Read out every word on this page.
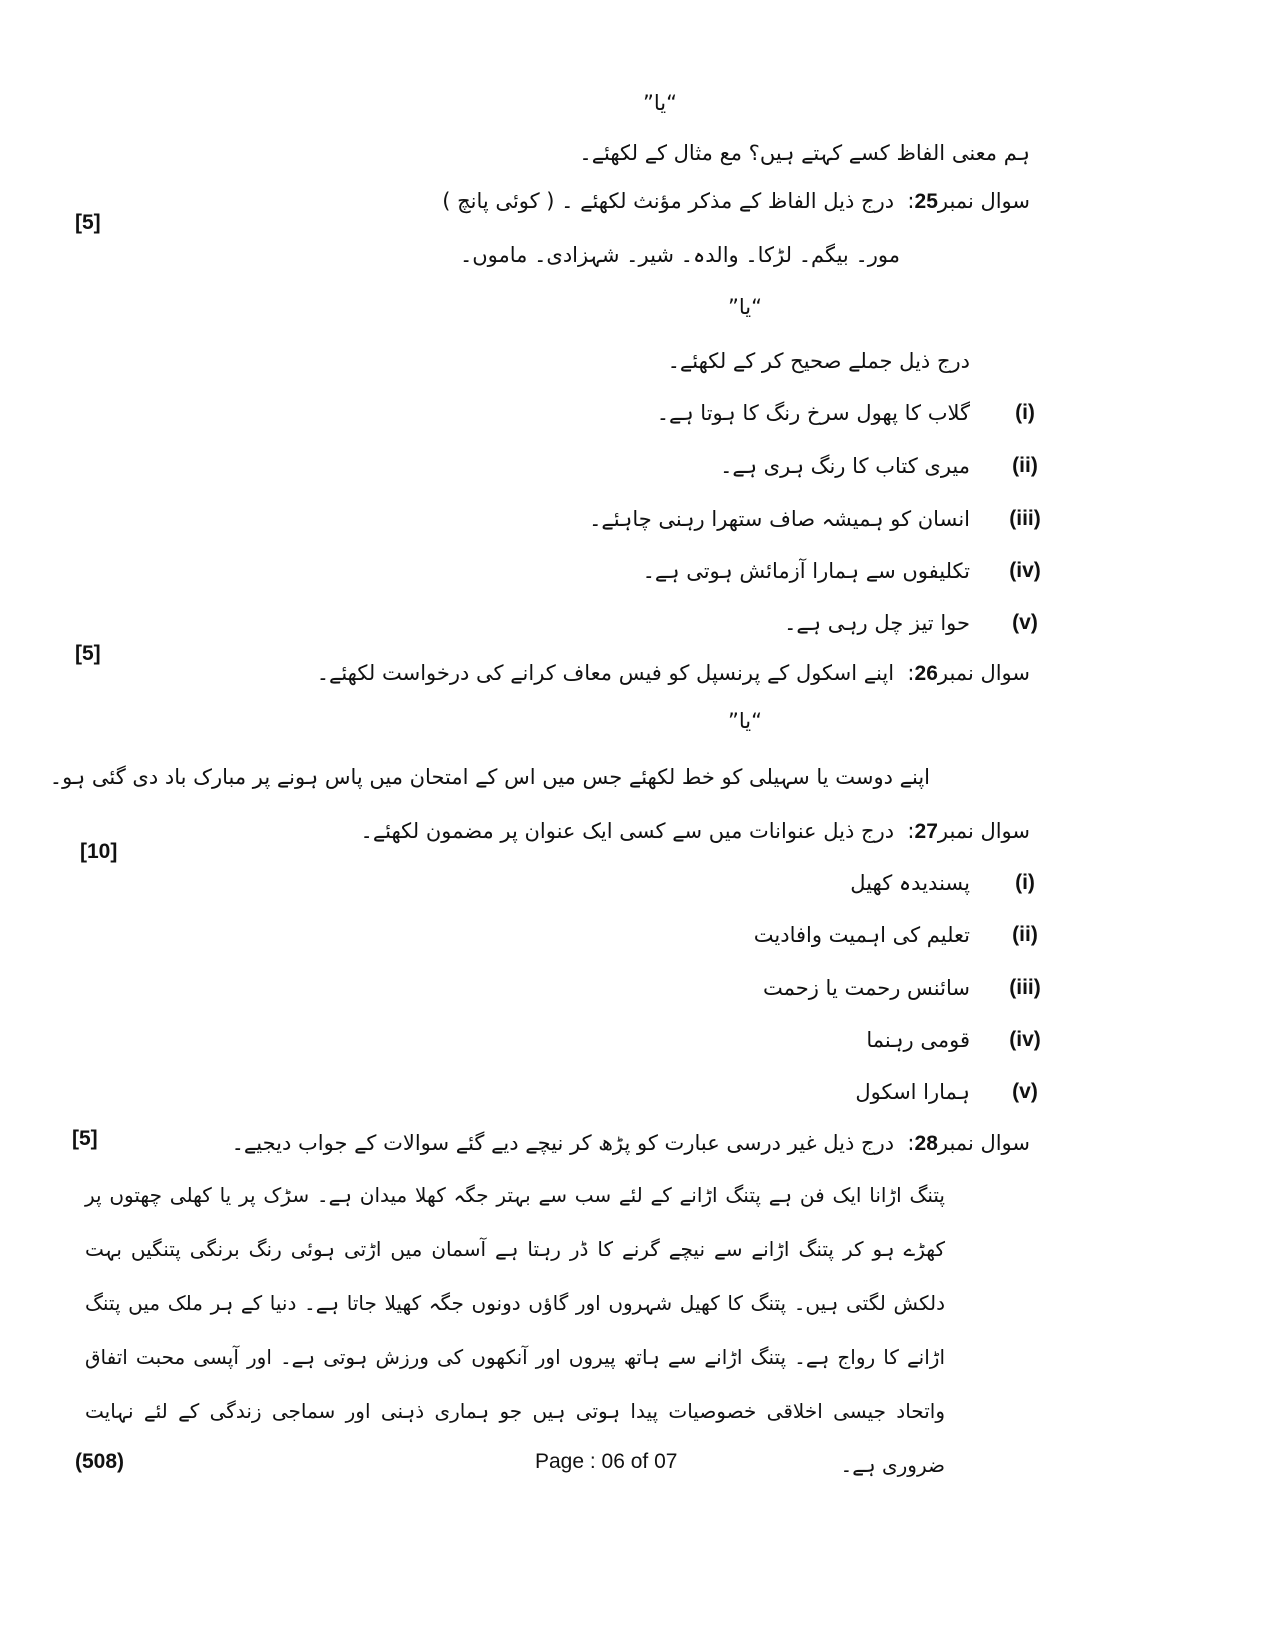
“یا”
ہم معنی الفاظ کسے کہتے ہیں؟ مع مثال کے لکھئے۔
سوال نمبر25:  درج ذیل الفاظ کے مذکر مؤنث لکھئے ۔ ( کوئی پانچ )
[5]
مور۔ بیگم۔ لڑکا۔ والدہ۔ شیر۔ شہزادی۔ ماموں۔
“یا”
درج ذیل جملے صحیح کر کے لکھئے۔
(i)
گلاب کا پھول سرخ رنگ کا ہوتا ہے۔
(ii)
میری کتاب کا رنگ ہری ہے۔
(iii)
انسان کو ہمیشہ صاف ستھرا رہنی چاہئے۔
(iv)
تکلیفوں سے ہمارا آزمائش ہوتی ہے۔
(v)
حوا تیز چل رہی ہے۔
[5]
سوال نمبر26:  اپنے اسکول کے پرنسپل کو فیس معاف کرانے کی درخواست لکھئے۔
“یا”
اپنے دوست یا سہیلی کو خط لکھئے جس میں اس کے امتحان میں پاس ہونے پر مبارک باد دی گئی ہو۔
سوال نمبر27:  درج ذیل عنوانات میں سے کسی ایک عنوان پر مضمون لکھئے۔
[10]
(i)
پسندیدہ کھیل
(ii)
تعلیم کی اہمیت وافادیت
(iii)
سائنس رحمت یا زحمت
(iv)
قومی رہنما
(v)
ہمارا اسکول
[5]	سوال نمبر28:  درج ذیل غیر درسی عبارت کو پڑھ کر نیچے دیے گئے سوالات کے جواب دیجیے۔
پتنگ اڑانا ایک فن ہے پتنگ اڑانے کے لئے سب سے بہتر جگہ کھلا میدان ہے۔ سڑک پر یا کھلی چھتوں پر کھڑے ہو کر پتنگ اڑانے سے نیچے گرنے کا ڈر رہتا ہے آسمان میں اڑتی ہوئی رنگ برنگی پتنگیں بہت دلکش لگتی ہیں۔ پتنگ کا کھیل شہروں اور گاؤں دونوں جگہ کھیلا جاتا ہے۔ دنیا کے ہر ملک میں پتنگ اڑانے کا رواج ہے۔ پتنگ اڑانے سے ہاتھ پیروں اور آنکھوں کی ورزش ہوتی ہے۔ اور آپسی محبت اتفاق واتحاد جیسی اخلاقی خصوصیات پیدا ہوتی ہیں جو ہماری ذہنی اور سماجی زندگی کے لئے نہایت ضروری ہے۔
(508)	Page : 06 of 07
